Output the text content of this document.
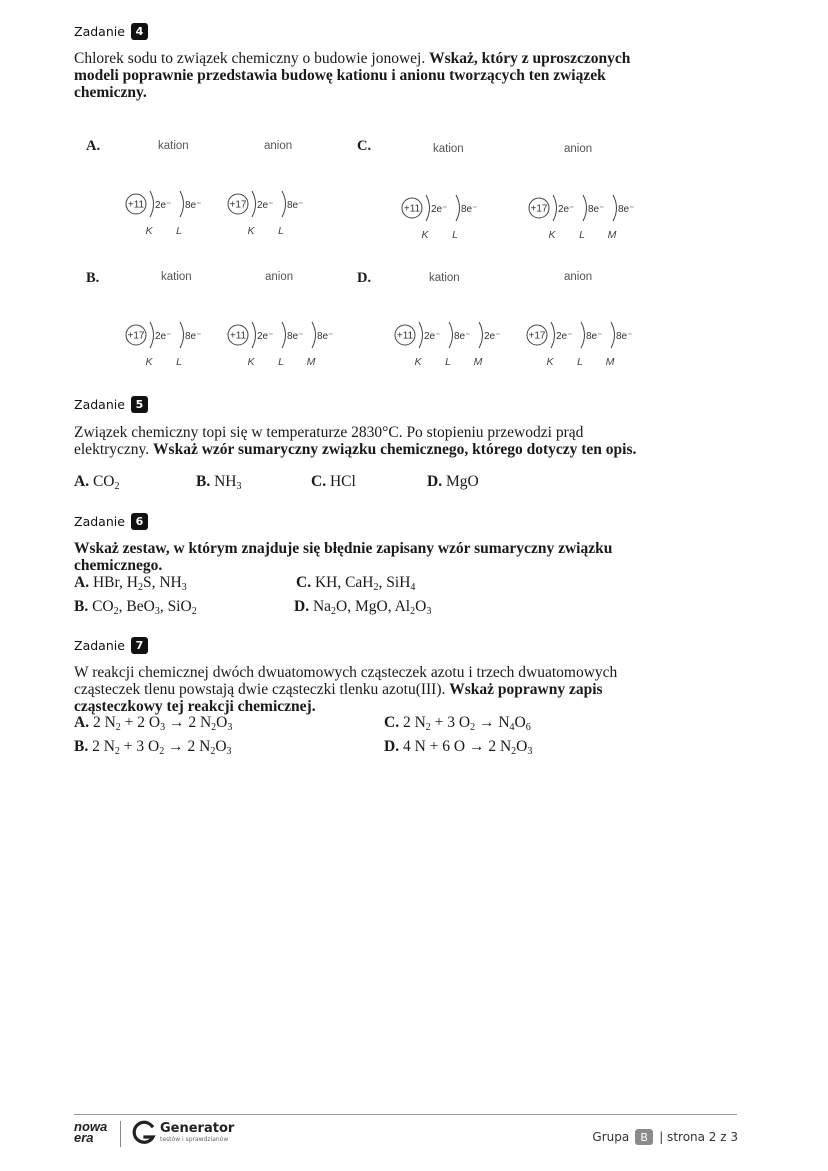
Zadanie 4
Chlorek sodu to związek chemiczny o budowie jonowej. Wskaż, który z uproszczonych modeli poprawnie przedstawia budowę kationu i anionu tworzących ten związek chemiczny.
A.	C.
B.	D.
kation	anion	kation	anion
kation	anion	kation	anion
+11 2e⁻
K
8e⁻
L
+17 2e⁻
K
8e⁻
L
+11 2e⁻
K
8e⁻
L
+17 2e⁻
K
8e⁻
L
8e⁻
M
+17 2e⁻
K
8e⁻
L
+11 2e⁻
K
8e⁻
L
8e⁻
M
+11 2e⁻
K
8e⁻
L
2e⁻
M
+17 2e⁻
K
8e⁻
L
8e⁻
M
Zadanie 5
Związek chemiczny topi się w temperaturze 2830°C. Po stopieniu przewodzi prąd elektryczny. Wskaż wzór sumaryczny związku chemicznego, którego dotyczy ten opis.
A. $CO_2$	B. $NH_3$	C. HCl	D. MgO
Zadanie 6
Wskaż zestaw, w którym znajduje się błędnie zapisany wzór sumaryczny związku chemicznego.
A. HBr, $H_2S$, $NH_3$	C. KH, CaH$_2$, SiH$_4$
B. $CO_2$, BeO$_3$, SiO$_2$	D. $Na_2O$, MgO, $Al_2O_3$
Zadanie 7
W reakcji chemicznej dwóch dwuatomowych cząsteczek azotu i trzech dwuatomowych cząsteczek tlenu powstają dwie cząsteczki tlenku azotu(III). Wskaż poprawny zapis cząsteczkowy tej reakcji chemicznej.
A. 2 $N_2 + 2$ $O_3 \to 2$ $N_2O_3$	C. 2 $N_2 + 3$ $O_2 \to N_4O_6$
B. 2 $N_2 + 3$ $O_2 \to 2$ $N_2O_3$	D. 4 N + 6 O → 2 $N_2O_3$
nowa era
Generator
testów i sprawdzianów	Grupa	B | strona 2 z 3
